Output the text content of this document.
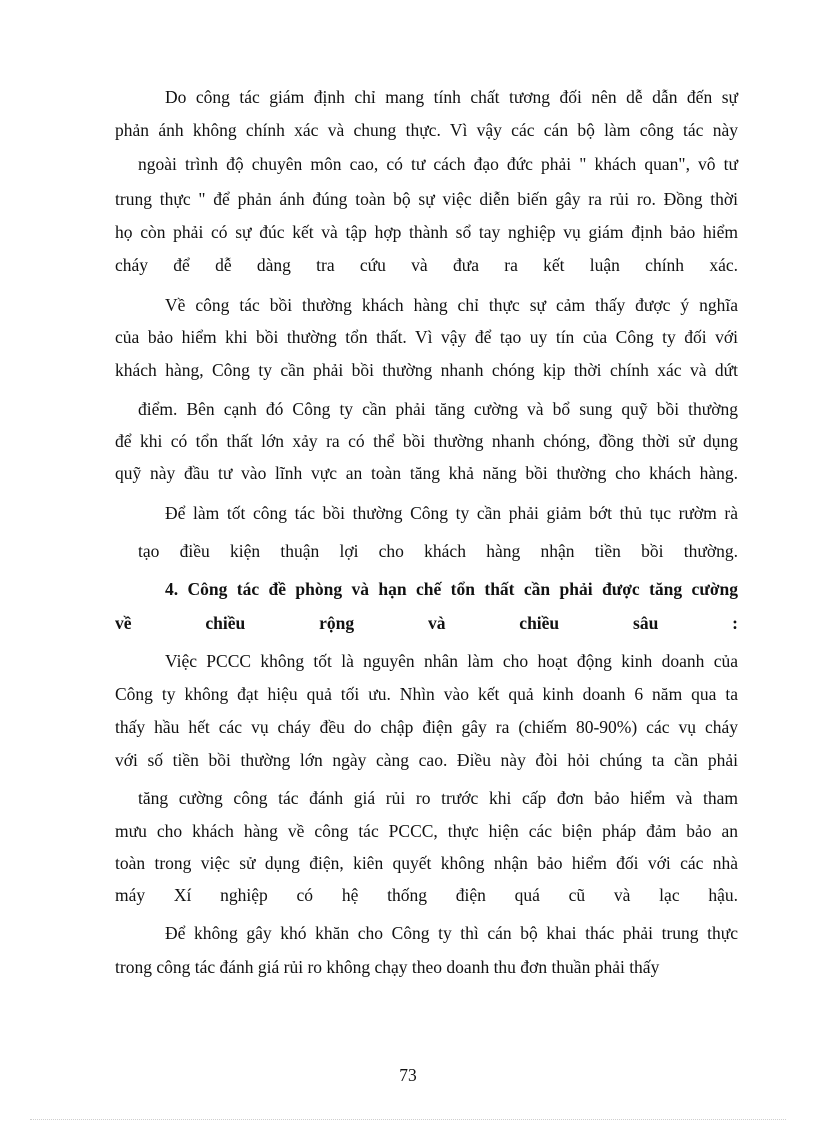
Do công tác giám định chỉ mang tính chất tương đối nên dễ dẫn đến sự
phản ánh không chính xác và chung thực. Vì vậy các cán bộ làm công tác này
ngoài trình độ chuyên môn cao, có tư cách đạo đức phải " khách quan", vô tư
trung thực " để phản ánh đúng toàn bộ sự việc diễn biến gây ra rủi ro. Đồng thời
họ còn phải có sự đúc kết và tập hợp thành sổ tay nghiệp vụ giám định bảo hiểm
cháy để dễ dàng tra cứu và đưa ra kết luận chính xác.
Về công tác bồi thường khách hàng chỉ thực sự cảm thấy được ý nghĩa
của bảo hiểm khi bồi thường tổn thất. Vì vậy để tạo uy tín của Công ty đối với
khách hàng, Công ty cần phải bồi thường nhanh chóng kịp thời chính xác và dứt
điểm. Bên cạnh đó Công ty cần phải tăng cường và bổ sung quỹ bồi thường
để khi có tổn thất lớn xảy ra có thể bồi thường nhanh chóng, đồng thời sử dụng
quỹ này đầu tư vào lĩnh vực an toàn tăng khả năng bồi thường cho khách hàng.
Để làm tốt công tác bồi thường Công ty cần phải giảm bớt thủ tục rườm rà
tạo điều kiện thuận lợi cho khách hàng nhận tiền bồi thường.
4. Công tác đề phòng và hạn chế tổn thất cần phải được tăng cường
về chiều rộng và chiều sâu :
Việc PCCC không tốt là nguyên nhân làm cho hoạt động kinh doanh của
Công ty không đạt hiệu quả tối ưu. Nhìn vào kết quả kinh doanh 6 năm qua ta
thấy hầu hết các vụ cháy đều do chập điện gây ra (chiếm 80-90%) các vụ cháy
với số tiền bồi thường lớn ngày càng cao. Điều này đòi hỏi chúng ta cần phải
tăng cường công tác đánh giá rủi ro trước khi cấp đơn bảo hiểm và tham
mưu cho khách hàng về công tác PCCC, thực hiện các biện pháp đảm bảo an
toàn trong việc sử dụng điện, kiên quyết không nhận bảo hiểm đối với các nhà
máy Xí nghiệp có hệ thống điện quá cũ và lạc hậu.
Để không gây khó khăn cho Công ty thì cán bộ khai thác phải trung thực
trong công tác đánh giá rủi ro không chạy theo doanh thu đơn thuần phải thấy
73
